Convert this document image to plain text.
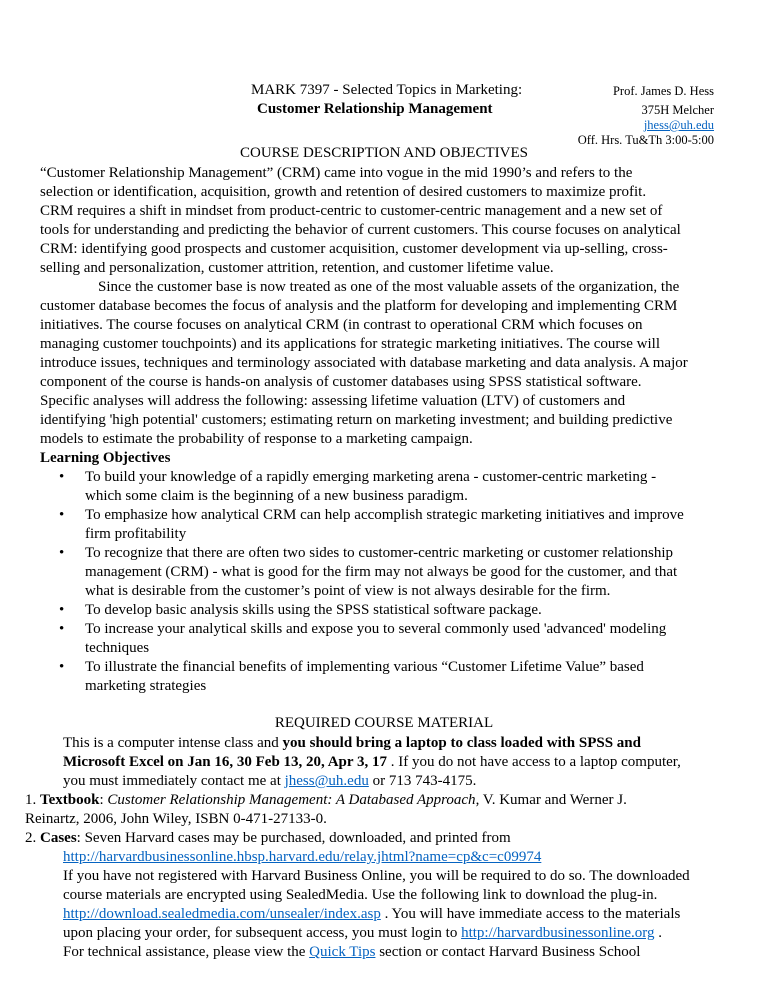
MARK 7397 - Selected Topics in Marketing:
Customer Relationship Management
Prof. James D. Hess
375H Melcher
jhess@uh.edu
Off. Hrs. Tu&Th 3:00-5:00
COURSE DESCRIPTION AND OBJECTIVES
“Customer Relationship Management” (CRM) came into vogue in the mid 1990’s and refers to the
selection or identification, acquisition, growth and retention of desired customers to maximize profit.
CRM requires a shift in mindset from product-centric to customer-centric management and a new set of
tools for understanding and predicting the behavior of current customers. This course focuses on analytical
CRM: identifying good prospects and customer acquisition, customer development via up-selling, cross-
selling and personalization, customer attrition, retention, and customer lifetime value.
Since the customer base is now treated as one of the most valuable assets of the organization, the
customer database becomes the focus of analysis and the platform for developing and implementing CRM
initiatives. The course focuses on analytical CRM (in contrast to operational CRM which focuses on
managing customer touchpoints) and its applications for strategic marketing initiatives. The course will
introduce issues, techniques and terminology associated with database marketing and data analysis. A major
component of the course is hands-on analysis of customer databases using SPSS statistical software.
Specific analyses will address the following: assessing lifetime valuation (LTV) of customers and
identifying 'high potential' customers; estimating return on marketing investment; and building predictive
models to estimate the probability of response to a marketing campaign.
Learning Objectives
• To build your knowledge of a rapidly emerging marketing arena - customer-centric marketing -
which some claim is the beginning of a new business paradigm.
• To emphasize how analytical CRM can help accomplish strategic marketing initiatives and improve
firm profitability
• To recognize that there are often two sides to customer-centric marketing or customer relationship
management (CRM) - what is good for the firm may not always be good for the customer, and that
what is desirable from the customer’s point of view is not always desirable for the firm.
• To develop basic analysis skills using the SPSS statistical software package.
• To increase your analytical skills and expose you to several commonly used 'advanced' modeling
techniques
• To illustrate the financial benefits of implementing various “Customer Lifetime Value” based
marketing strategies
REQUIRED COURSE MATERIAL
This is a computer intense class and you should bring a laptop to class loaded with SPSS and
Microsoft Excel on Jan 16, 30 Feb 13, 20, Apr 3, 17 . If you do not have access to a laptop computer,
you must immediately contact me at jhess@uh.edu or 713 743-4175.
1. Textbook: Customer Relationship Management: A Databased Approach, V. Kumar and Werner J.
Reinartz, 2006, John Wiley, ISBN 0-471-27133-0.
2. Cases: Seven Harvard cases may be purchased, downloaded, and printed from
http://harvardbusinessonline.hbsp.harvard.edu/relay.jhtml?name=cp&c=c09974
If you have not registered with Harvard Business Online, you will be required to do so. The downloaded
course materials are encrypted using SealedMedia. Use the following link to download the plug-in.
http://download.sealedmedia.com/unsealer/index.asp . You will have immediate access to the materials
upon placing your order, for subsequent access, you must login to http://harvardbusinessonline.org .
For technical assistance, please view the Quick Tips section or contact Harvard Business School
